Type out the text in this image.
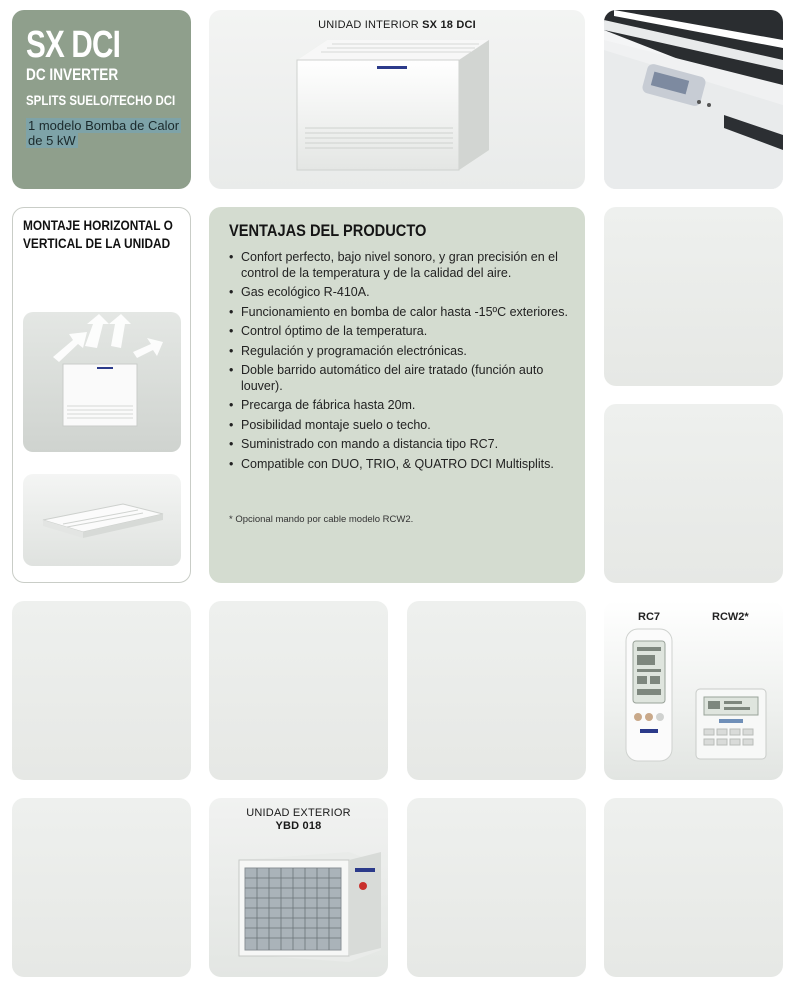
SX DCI
DC INVERTER
SPLITS SUELO/TECHO DCI
1 modelo Bomba de Calor
de 5 kW
UNIDAD INTERIOR SX 18 DCI
MONTAJE HORIZONTAL O VERTICAL DE LA UNIDAD
VENTAJAS DEL PRODUCTO
• Confort perfecto, bajo nivel sonoro, y gran precisión en el control de la temperatura y de la calidad del aire.
• Gas ecológico R-410A.
• Funcionamiento en bomba de calor hasta -15ºC exteriores.
• Control óptimo de la temperatura.
• Regulación y programación electrónicas.
• Doble barrido automático del aire tratado (función auto louver).
• Precarga de fábrica hasta 20m.
• Posibilidad montaje suelo o techo.
• Suministrado con mando a distancia tipo RC7.
• Compatible con DUO, TRIO, & QUATRO DCI Multisplits.
* Opcional mando por cable modelo RCW2.
RC7	RCW2*
UNIDAD EXTERIOR
YBD 018
